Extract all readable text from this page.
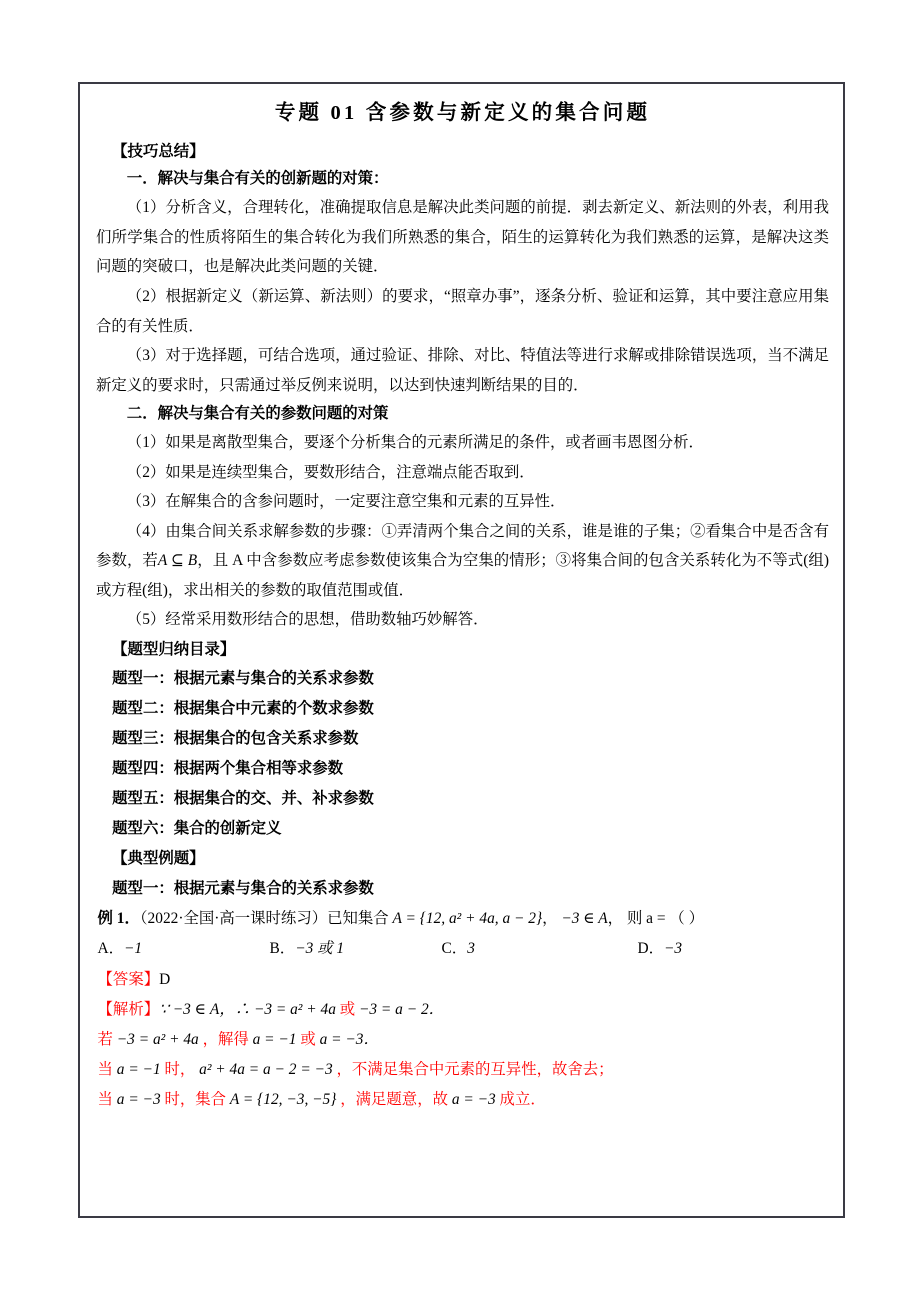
专题 01 含参数与新定义的集合问题
【技巧总结】
一．解决与集合有关的创新题的对策：
（1）分析含义，合理转化，准确提取信息是解决此类问题的前提．剥去新定义、新法则的外表，利用我们所学集合的性质将陌生的集合转化为我们所熟悉的集合，陌生的运算转化为我们熟悉的运算，是解决这类问题的突破口，也是解决此类问题的关键．
（2）根据新定义（新运算、新法则）的要求，“照章办事”，逐条分析、验证和运算，其中要注意应用集合的有关性质．
（3）对于选择题，可结合选项，通过验证、排除、对比、特值法等进行求解或排除错误选项，当不满足新定义的要求时，只需通过举反例来说明，以达到快速判断结果的目的．
二．解决与集合有关的参数问题的对策
（1）如果是离散型集合，要逐个分析集合的元素所满足的条件，或者画韦恩图分析．
（2）如果是连续型集合，要数形结合，注意端点能否取到．
（3）在解集合的含参问题时，一定要注意空集和元素的互异性．
（4）由集合间关系求解参数的步骤：①弄清两个集合之间的关系，谁是谁的子集；②看集合中是否含有参数，若A ⊆ B，且 A 中含参数应考虑参数使该集合为空集的情形；③将集合间的包含关系转化为不等式(组)或方程(组)，求出相关的参数的取值范围或值．
（5）经常采用数形结合的思想，借助数轴巧妙解答．
【题型归纳目录】
题型一：根据元素与集合的关系求参数
题型二：根据集合中元素的个数求参数
题型三：根据集合的包含关系求参数
题型四：根据两个集合相等求参数
题型五：根据集合的交、并、补求参数
题型六：集合的创新定义
【典型例题】
题型一：根据元素与集合的关系求参数
例 1．（2022·全国·高一课时练习）已知集合 A = {12, a² + 4a, a − 2}， −3 ∈ A， 则 a = （ ）
A．−1	B．−3 或 1	C．3	D．−3
【答案】D
【解析】∵ −3 ∈ A，∴ −3 = a² + 4a 或 −3 = a − 2．
若 −3 = a² + 4a ，解得 a = −1 或 a = −3．
当 a = −1 时， a² + 4a = a − 2 = −3 ，不满足集合中元素的互异性，故舍去；
当 a = −3 时，集合 A = {12, −3, −5} ，满足题意，故 a = −3 成立．
